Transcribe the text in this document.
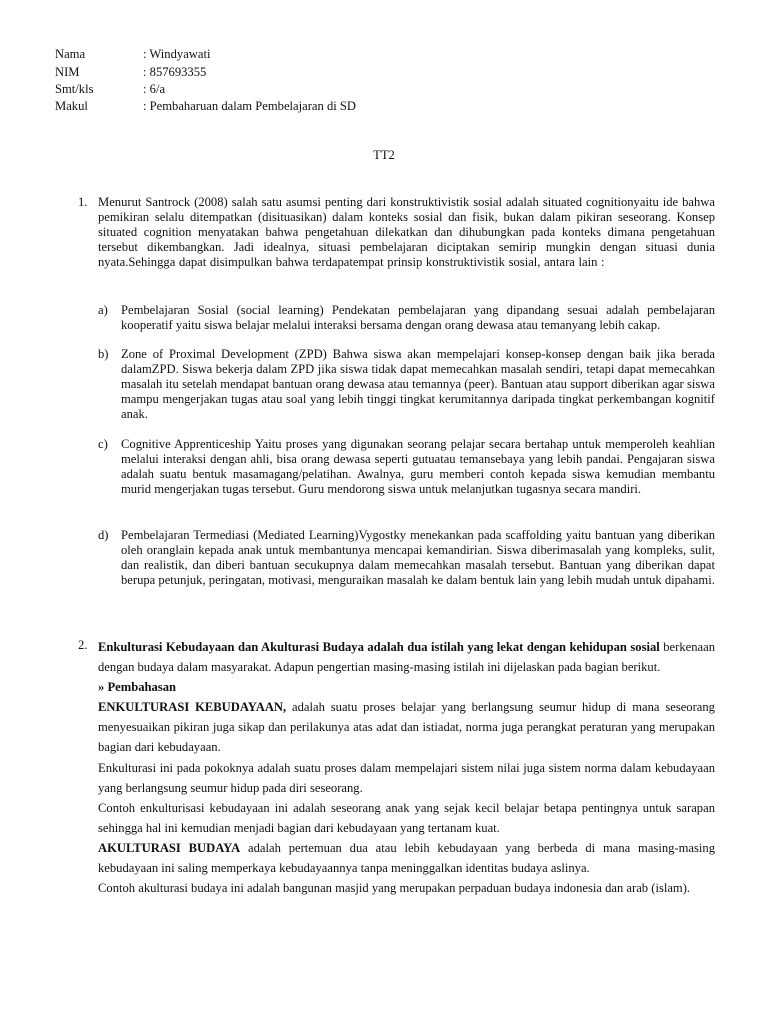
Nama	: Windyawati
NIM	: 857693355
Smt/kls	: 6/a
Makul	: Pembaharuan dalam Pembelajaran di SD
TT2
1. Menurut Santrock (2008) salah satu asumsi penting dari konstruktivistik sosial adalah situated cognitionyaitu ide bahwa pemikiran selalu ditempatkan (disituasikan) dalam konteks sosial dan fisik, bukan dalam pikiran seseorang. Konsep situated cognition menyatakan bahwa pengetahuan dilekatkan dan dihubungkan pada konteks dimana pengetahuan tersebut dikembangkan. Jadi idealnya, situasi pembelajaran diciptakan semirip mungkin dengan situasi dunia nyata.Sehingga dapat disimpulkan bahwa terdapatempat prinsip konstruktivistik sosial, antara lain :
a) Pembelajaran Sosial (social learning) Pendekatan pembelajaran yang dipandang sesuai adalah pembelajaran kooperatif yaitu siswa belajar melalui interaksi bersama dengan orang dewasa atau temanyang lebih cakap.
b) Zone of Proximal Development (ZPD) Bahwa siswa akan mempelajari konsep-konsep dengan baik jika berada dalamZPD. Siswa bekerja dalam ZPD jika siswa tidak dapat memecahkan masalah sendiri, tetapi dapat memecahkan masalah itu setelah mendapat bantuan orang dewasa atau temannya (peer). Bantuan atau support diberikan agar siswa mampu mengerjakan tugas atau soal yang lebih tinggi tingkat kerumitannya daripada tingkat perkembangan kognitif anak.
c) Cognitive Apprenticeship Yaitu proses yang digunakan seorang pelajar secara bertahap untuk memperoleh keahlian melalui interaksi dengan ahli, bisa orang dewasa seperti gutuatau temansebaya yang lebih pandai. Pengajaran siswa adalah suatu bentuk masamagang/pelatihan. Awalnya, guru memberi contoh kepada siswa kemudian membantu murid mengerjakan tugas tersebut. Guru mendorong siswa untuk melanjutkan tugasnya secara mandiri.
d) Pembelajaran Termediasi (Mediated Learning)Vygostky menekankan pada scaffolding yaitu bantuan yang diberikan oleh oranglain kepada anak untuk membantunya mencapai kemandirian. Siswa diberimasalah yang kompleks, sulit, dan realistik, dan diberi bantuan secukupnya dalam memecahkan masalah tersebut. Bantuan yang diberikan dapat berupa petunjuk, peringatan, motivasi, menguraikan masalah ke dalam bentuk lain yang lebih mudah untuk dipahami.
2. Enkulturasi Kebudayaan dan Akulturasi Budaya adalah dua istilah yang lekat dengan kehidupan sosial berkenaan dengan budaya dalam masyarakat. Adapun pengertian masing-masing istilah ini dijelaskan pada bagian berikut.

» Pembahasan

ENKULTURASI KEBUDAYAAN, adalah suatu proses belajar yang berlangsung seumur hidup di mana seseorang menyesuaikan pikiran juga sikap dan perilakunya atas adat dan istiadat, norma juga perangkat peraturan yang merupakan bagian dari kebudayaan.

Enkulturasi ini pada pokoknya adalah suatu proses dalam mempelajari sistem nilai juga sistem norma dalam kebudayaan yang berlangsung seumur hidup pada diri seseorang.

Contoh enkulturisasi kebudayaan ini adalah seseorang anak yang sejak kecil belajar betapa pentingnya untuk sarapan sehingga hal ini kemudian menjadi bagian dari kebudayaan yang tertanam kuat.

AKULTURASI BUDAYA adalah pertemuan dua atau lebih kebudayaan yang berbeda di mana masing-masing kebudayaan ini saling memperkaya kebudayaannya tanpa meninggalkan identitas budaya aslinya.

Contoh akulturasi budaya ini adalah bangunan masjid yang merupakan perpaduan budaya indonesia dan arab (islam).
